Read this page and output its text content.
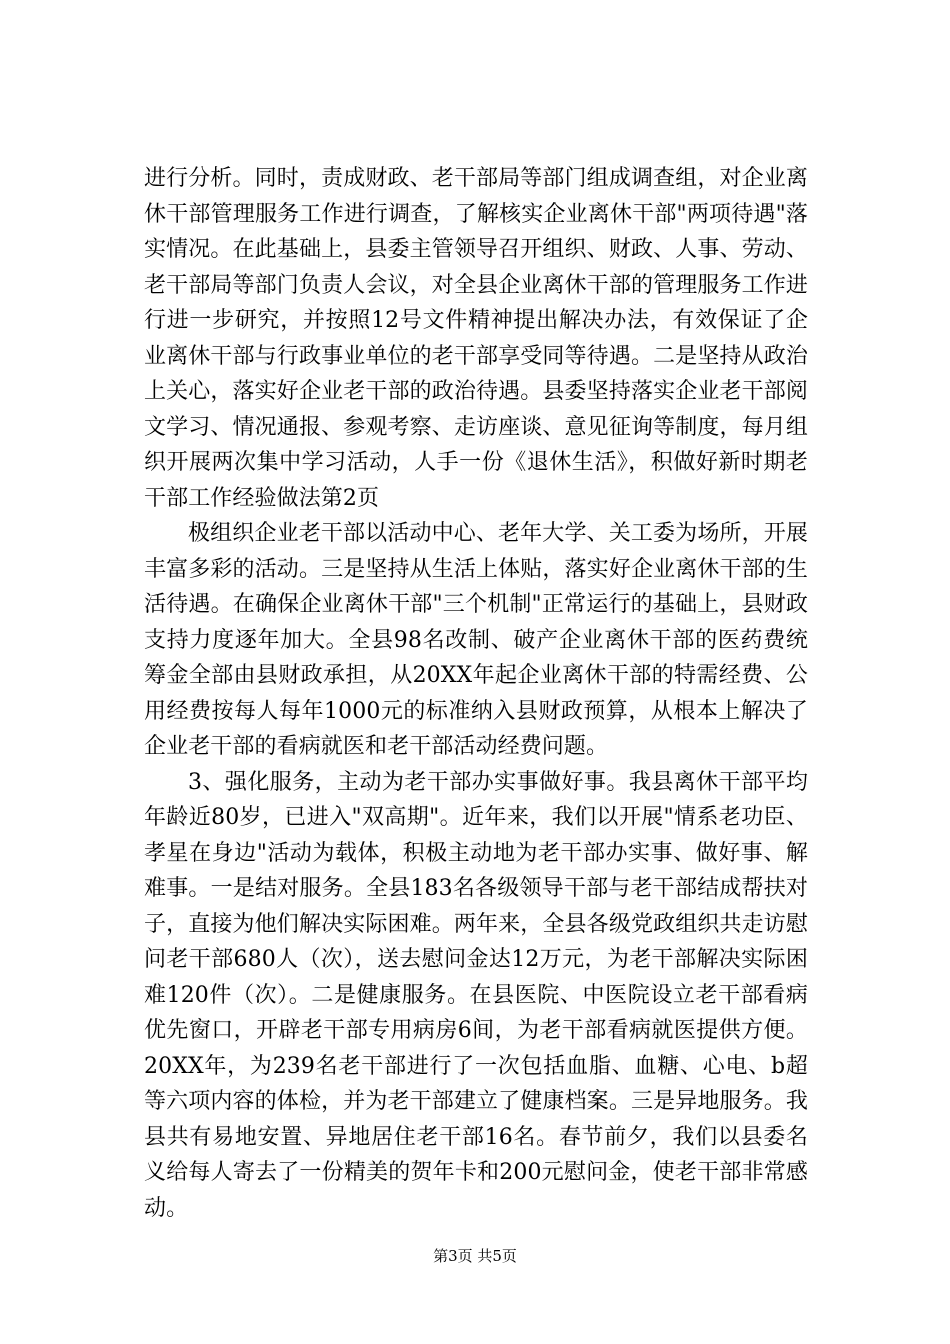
进行分析。同时，责成财政、老干部局等部门组成调查组，对企业离休干部管理服务工作进行调查，了解核实企业离休干部"两项待遇"落实情况。在此基础上，县委主管领导召开组织、财政、人事、劳动、老干部局等部门负责人会议，对全县企业离休干部的管理服务工作进行进一步研究，并按照12号文件精神提出解决办法，有效保证了企业离休干部与行政事业单位的老干部享受同等待遇。二是坚持从政治上关心，落实好企业老干部的政治待遇。县委坚持落实企业老干部阅文学习、情况通报、参观考察、走访座谈、意见征询等制度，每月组织开展两次集中学习活动，人手一份《退休生活》，积做好新时期老干部工作经验做法第2页

极组织企业老干部以活动中心、老年大学、关工委为场所，开展丰富多彩的活动。三是坚持从生活上体贴，落实好企业离休干部的生活待遇。在确保企业离休干部"三个机制"正常运行的基础上，县财政支持力度逐年加大。全县98名改制、破产企业离休干部的医药费统筹金全部由县财政承担，从20XX年起企业离休干部的特需经费、公用经费按每人每年1000元的标准纳入县财政预算，从根本上解决了企业老干部的看病就医和老干部活动经费问题。

3、强化服务，主动为老干部办实事做好事。我县离休干部平均年龄近80岁，已进入"双高期"。近年来，我们以开展"情系老功臣、孝星在身边"活动为载体，积极主动地为老干部办实事、做好事、解难事。一是结对服务。全县183名各级领导干部与老干部结成帮扶对子，直接为他们解决实际困难。两年来，全县各级党政组织共走访慰问老干部680人（次），送去慰问金达12万元，为老干部解决实际困难120件（次）。二是健康服务。在县医院、中医院设立老干部看病优先窗口，开辟老干部专用病房6间，为老干部看病就医提供方便。20XX年，为239名老干部进行了一次包括血脂、血糖、心电、b超等六项内容的体检，并为老干部建立了健康档案。三是异地服务。我县共有易地安置、异地居住老干部16名。春节前夕，我们以县委名义给每人寄去了一份精美的贺年卡和200元慰问金，使老干部非常感动。

第3页 共5页
